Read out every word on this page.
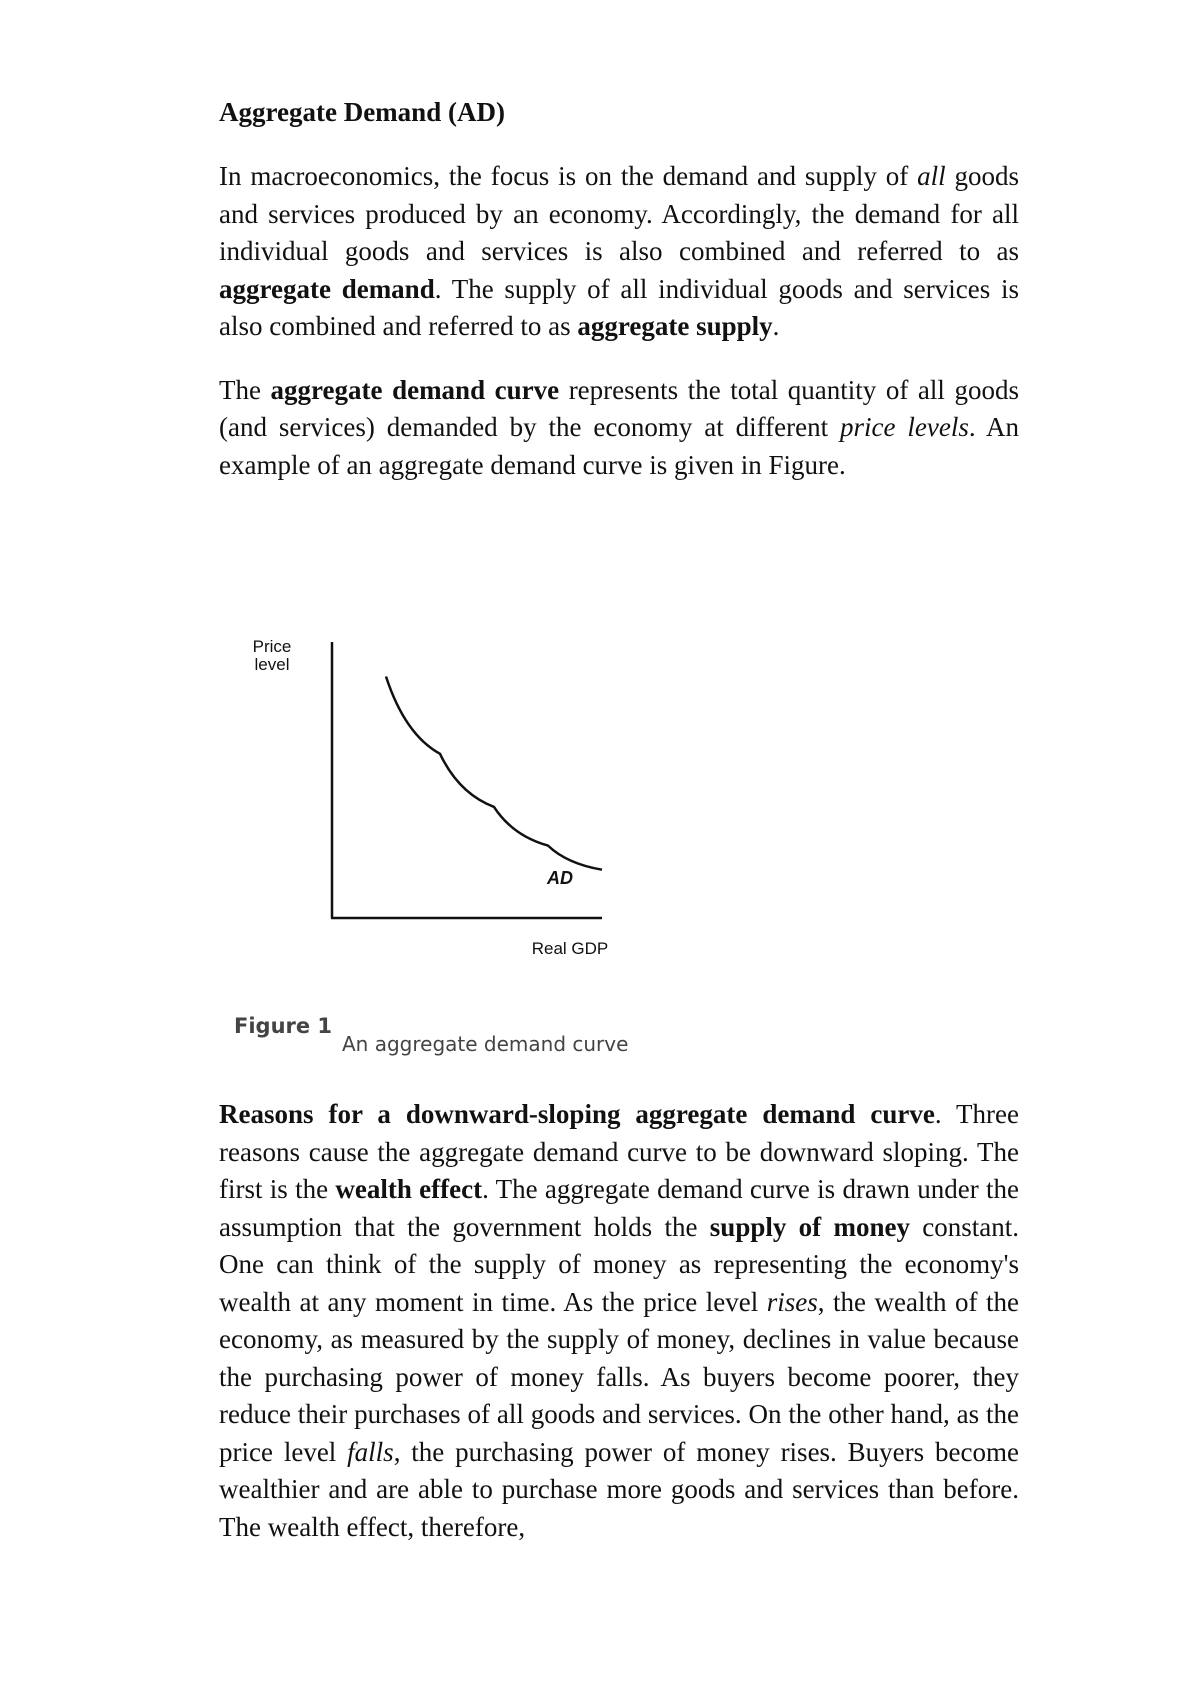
Aggregate Demand (AD)

In macroeconomics, the focus is on the demand and supply of all goods and services produced by an economy. Accordingly, the demand for all individual goods and services is also combined and referred to as aggregate demand. The supply of all individual goods and services is also combined and referred to as aggregate supply.

The aggregate demand curve represents the total quantity of all goods (and services) demanded by the economy at different price levels. An example of an aggregate demand curve is given in Figure.

Price
level
AD
Real GDP
Figure 1
An aggregate demand curve

Reasons for a downward-sloping aggregate demand curve. Three reasons cause the aggregate demand curve to be downward sloping. The first is the wealth effect. The aggregate demand curve is drawn under the assumption that the government holds the supply of money constant. One can think of the supply of money as representing the economy's wealth at any moment in time. As the price level rises, the wealth of the economy, as measured by the supply of money, declines in value because the purchasing power of money falls. As buyers become poorer, they reduce their purchases of all goods and services. On the other hand, as the price level falls, the purchasing power of money rises. Buyers become wealthier and are able to purchase more goods and services than before. The wealth effect, therefore,
